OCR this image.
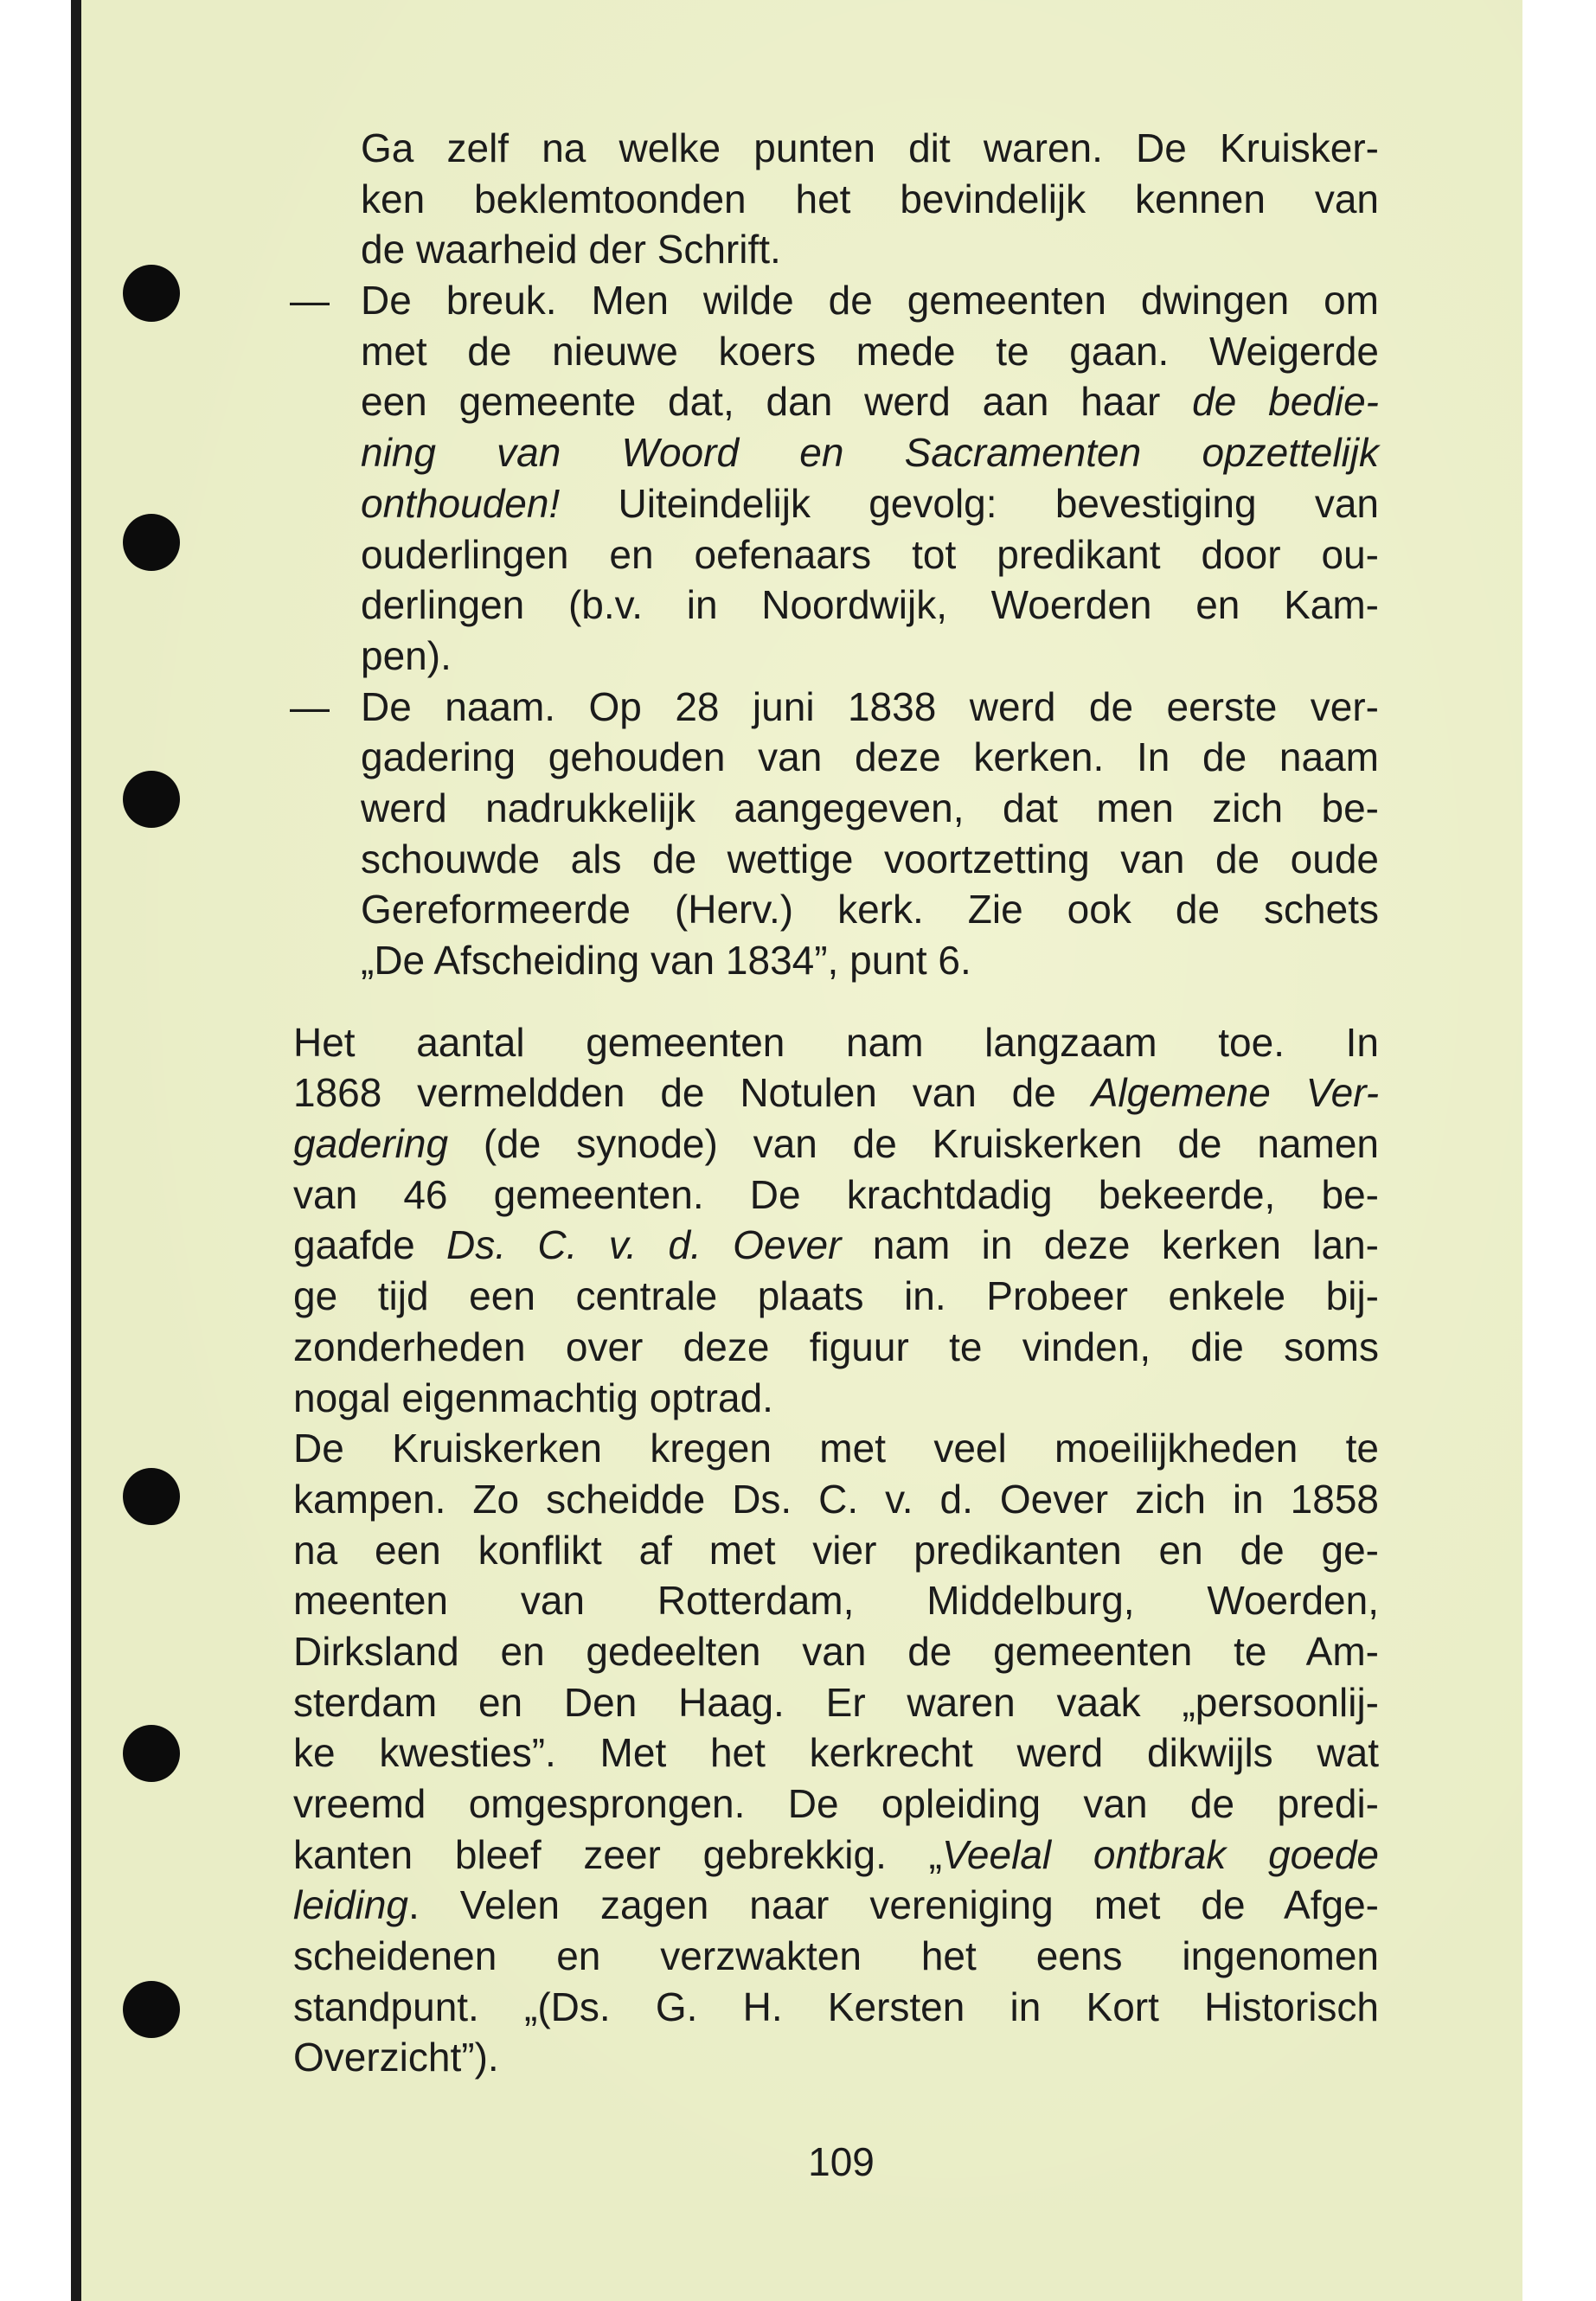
Ga zelf na welke punten dit waren. De Kruisker-
ken beklemtoonden het bevindelijk kennen van
de waarheid der Schrift.
— De breuk. Men wilde de gemeenten dwingen om
met de nieuwe koers mede te gaan. Weigerde
een gemeente dat, dan werd aan haar de bedie-
ning van Woord en Sacramenten opzettelijk
onthouden! Uiteindelijk gevolg: bevestiging van
ouderlingen en oefenaars tot predikant door ou-
derlingen (b.v. in Noordwijk, Woerden en Kam-
pen).
— De naam. Op 28 juni 1838 werd de eerste ver-
gadering gehouden van deze kerken. In de naam
werd nadrukkelijk aangegeven, dat men zich be-
schouwde als de wettige voortzetting van de oude
Gereformeerde (Herv.) kerk. Zie ook de schets
„De Afscheiding van 1834”, punt 6.
Het aantal gemeenten nam langzaam toe. In
1868 vermeldden de Notulen van de Algemene Ver-
gadering (de synode) van de Kruiskerken de namen
van 46 gemeenten. De krachtdadig bekeerde, be-
gaafde Ds. C. v. d. Oever nam in deze kerken lan-
ge tijd een centrale plaats in. Probeer enkele bij-
zonderheden over deze figuur te vinden, die soms
nogal eigenmachtig optrad.
De Kruiskerken kregen met veel moeilijkheden te
kampen. Zo scheidde Ds. C. v. d. Oever zich in 1858
na een konflikt af met vier predikanten en de ge-
meenten van Rotterdam, Middelburg, Woerden,
Dirksland en gedeelten van de gemeenten te Am-
sterdam en Den Haag. Er waren vaak „persoonlij-
ke kwesties”. Met het kerkrecht werd dikwijls wat
vreemd omgesprongen. De opleiding van de predi-
kanten bleef zeer gebrekkig. „Veelal ontbrak goede
leiding. Velen zagen naar vereniging met de Afge-
scheidenen en verzwakten het eens ingenomen
standpunt. „(Ds. G. H. Kersten in Kort Historisch
Overzicht”).
109
